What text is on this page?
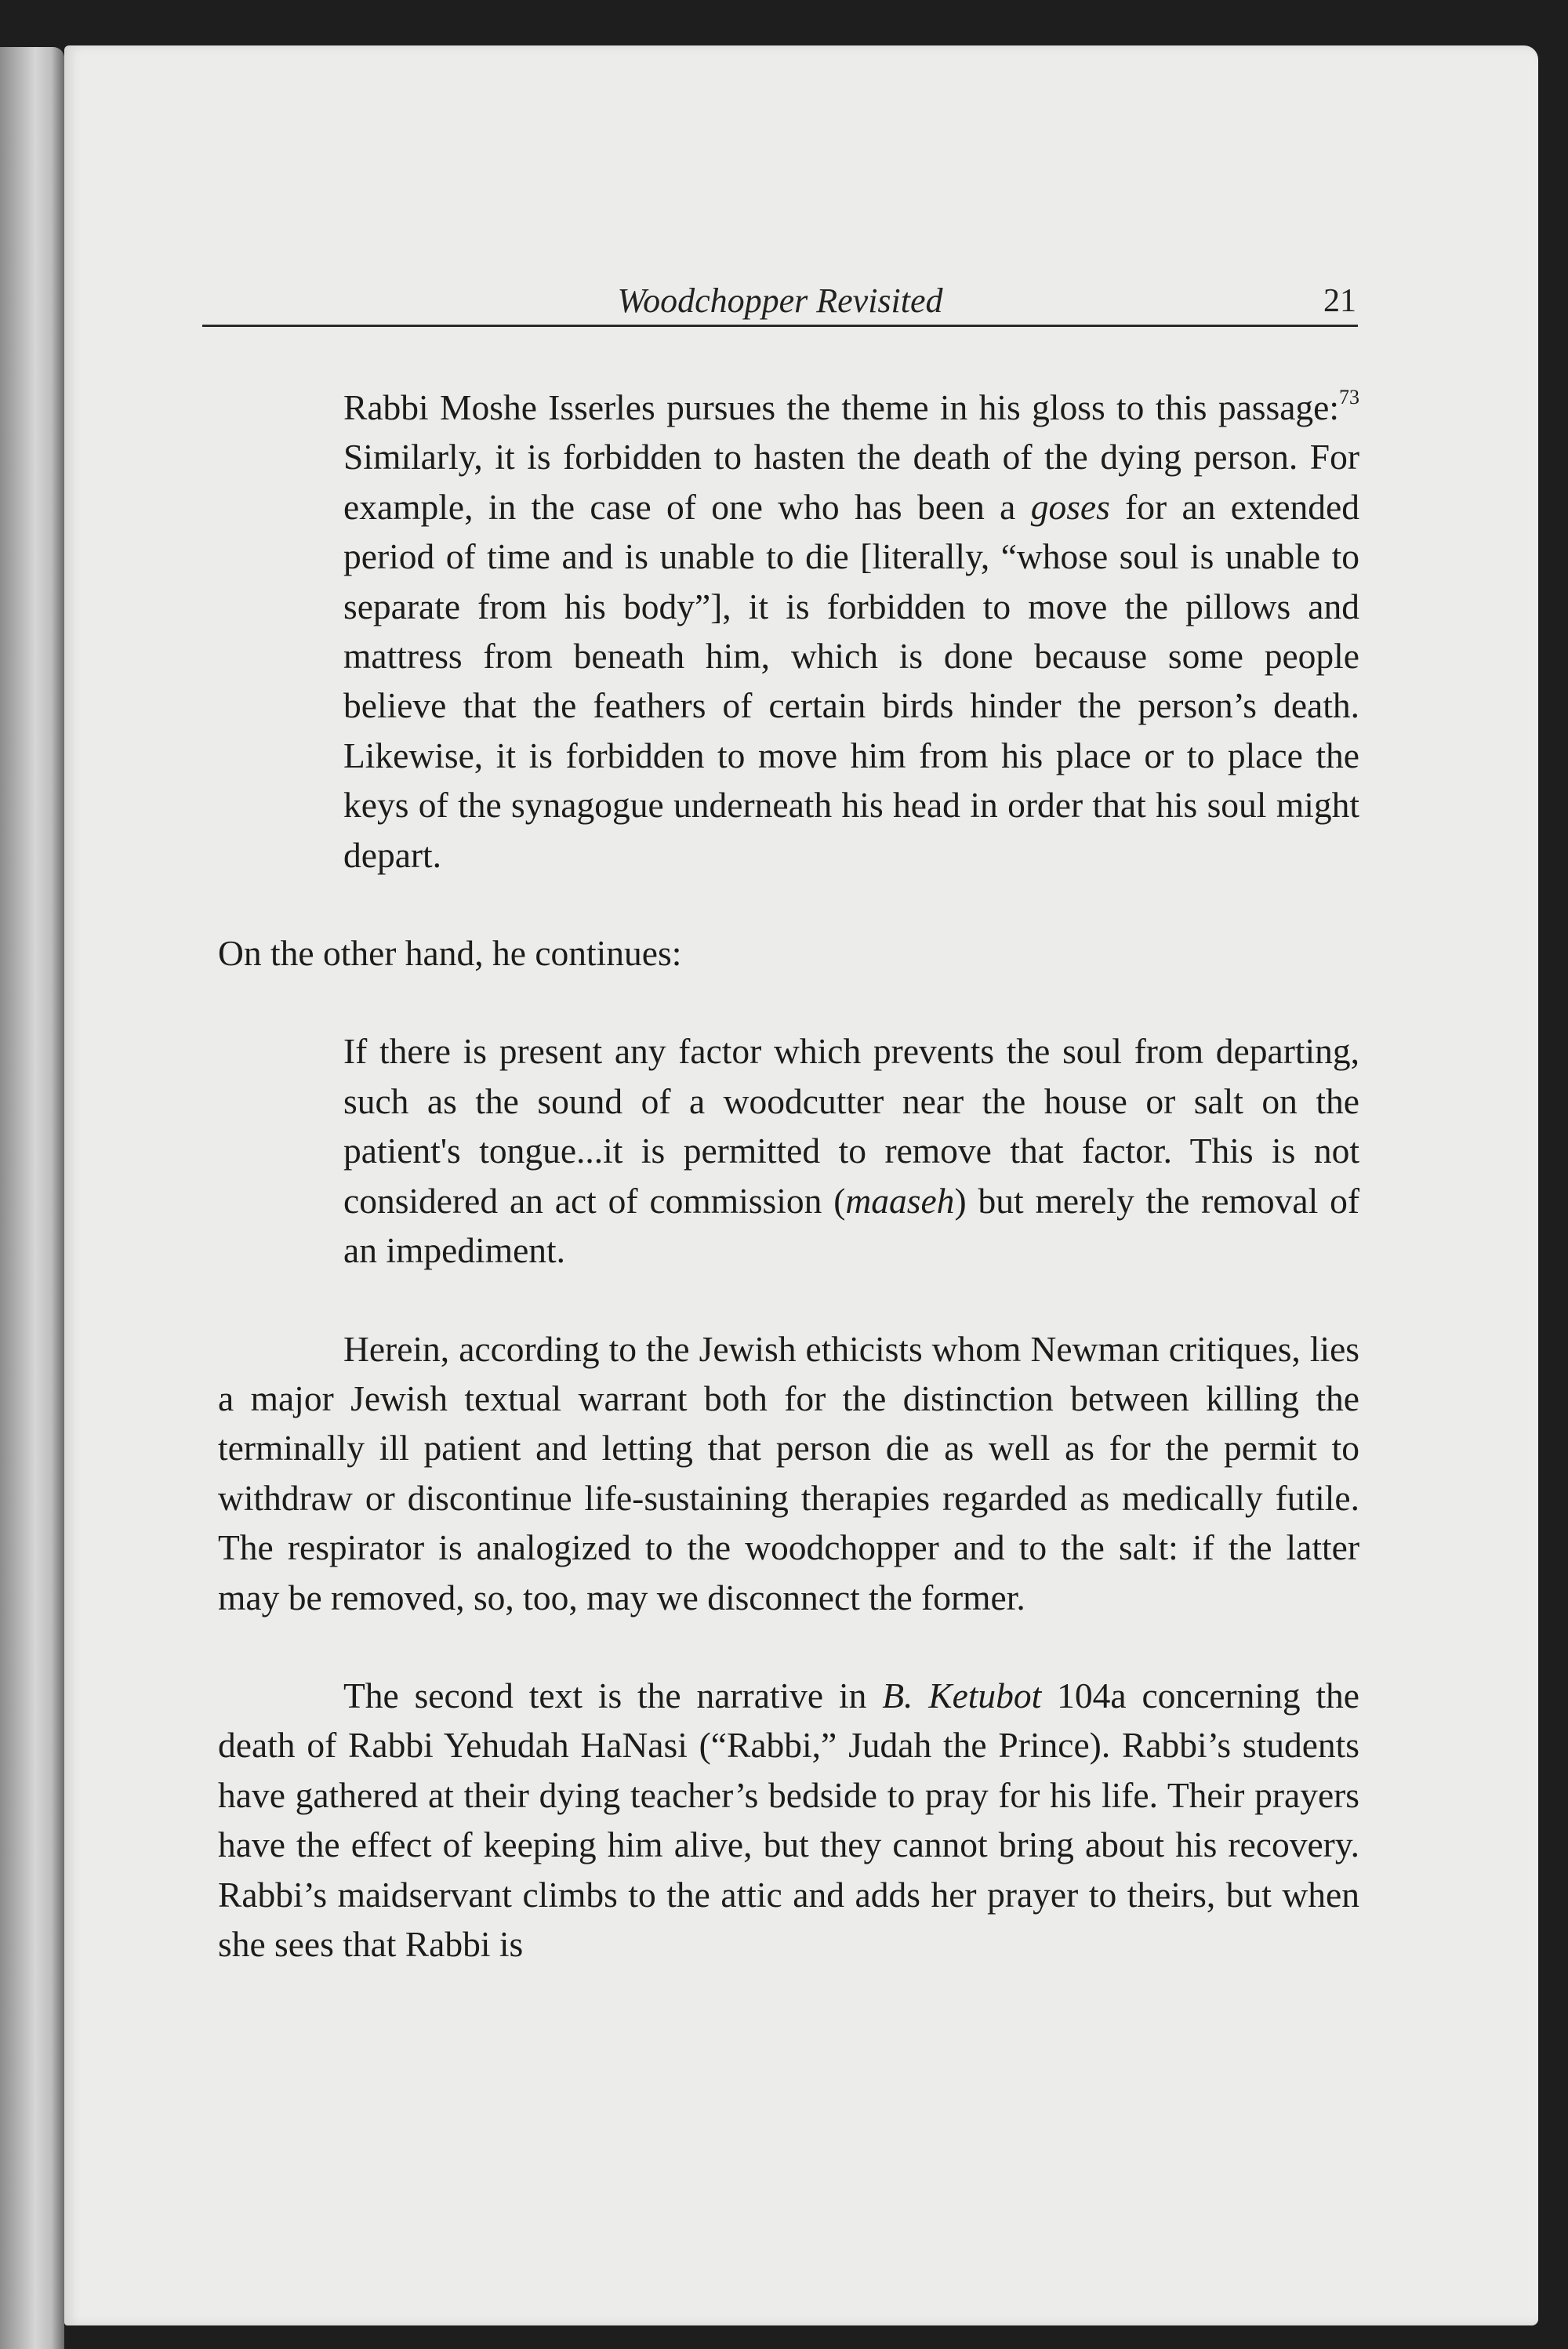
Woodchopper Revisited	21

Rabbi Moshe Isserles pursues the theme in his gloss to this passage:$^{73}$ Similarly, it is forbidden to hasten the death of the dying person. For example, in the case of one who has been a goses for an extended period of time and is unable to die [literally, “whose soul is unable to separate from his body”], it is forbidden to move the pillows and mattress from beneath him, which is done because some people believe that the feathers of certain birds hinder the person’s death. Likewise, it is forbidden to move him from his place or to place the keys of the synagogue underneath his head in order that his soul might depart.

On the other hand, he continues:

If there is present any factor which prevents the soul from departing, such as the sound of a woodcutter near the house or salt on the patient's tongue...it is permitted to remove that factor. This is not considered an act of commission (maaseh) but merely the removal of an impediment.

Herein, according to the Jewish ethicists whom Newman critiques, lies a major Jewish textual warrant both for the distinction between killing the terminally ill patient and letting that person die as well as for the permit to withdraw or discontinue life-sustaining therapies regarded as medically futile. The respirator is analogized to the woodchopper and to the salt: if the latter may be removed, so, too, may we disconnect the former.

The second text is the narrative in B. Ketubot 104a concerning the death of Rabbi Yehudah HaNasi (“Rabbi,” Judah the Prince). Rabbi’s students have gathered at their dying teacher’s bedside to pray for his life. Their prayers have the effect of keeping him alive, but they cannot bring about his recovery. Rabbi’s maidservant climbs to the attic and adds her prayer to theirs, but when she sees that Rabbi is
